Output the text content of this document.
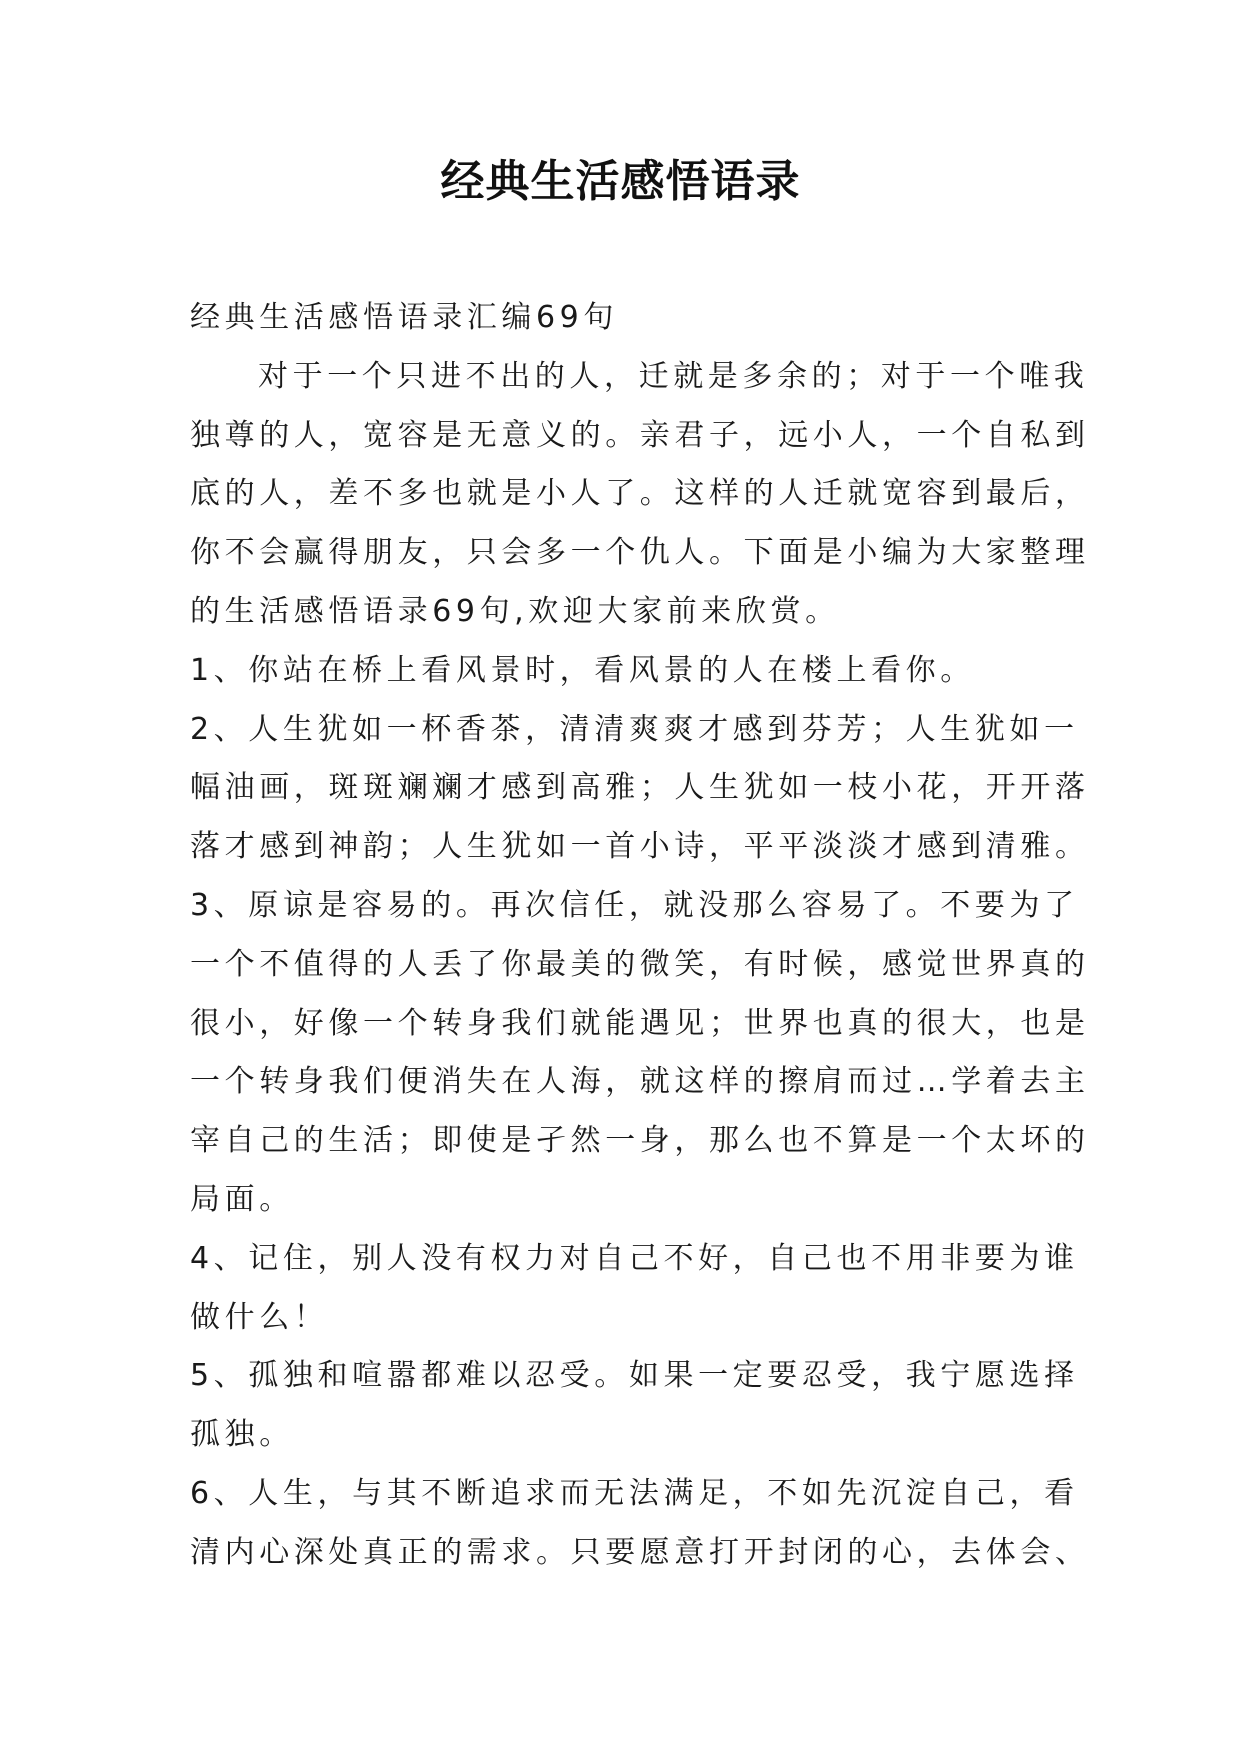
经典生活感悟语录
经典生活感悟语录汇编69句
对于一个只进不出的人，迁就是多余的；对于一个唯我
独尊的人，宽容是无意义的。亲君子，远小人，一个自私到
底的人，差不多也就是小人了。这样的人迁就宽容到最后，
你不会赢得朋友，只会多一个仇人。下面是小编为大家整理
的生活感悟语录69句,欢迎大家前来欣赏。
1、你站在桥上看风景时，看风景的人在楼上看你。
2、人生犹如一杯香茶，清清爽爽才感到芬芳；人生犹如一
幅油画，斑斑斓斓才感到高雅；人生犹如一枝小花，开开落
落才感到神韵；人生犹如一首小诗，平平淡淡才感到清雅。
3、原谅是容易的。再次信任，就没那么容易了。不要为了
一个不值得的人丢了你最美的微笑，有时候，感觉世界真的
很小，好像一个转身我们就能遇见；世界也真的很大，也是
一个转身我们便消失在人海，就这样的擦肩而过…学着去主
宰自己的生活；即使是孑然一身，那么也不算是一个太坏的
局面。
4、记住，别人没有权力对自己不好，自己也不用非要为谁
做什么！
5、孤独和喧嚣都难以忍受。如果一定要忍受，我宁愿选择
孤独。
6、人生，与其不断追求而无法满足，不如先沉淀自己，看
清内心深处真正的需求。只要愿意打开封闭的心，去体会、
